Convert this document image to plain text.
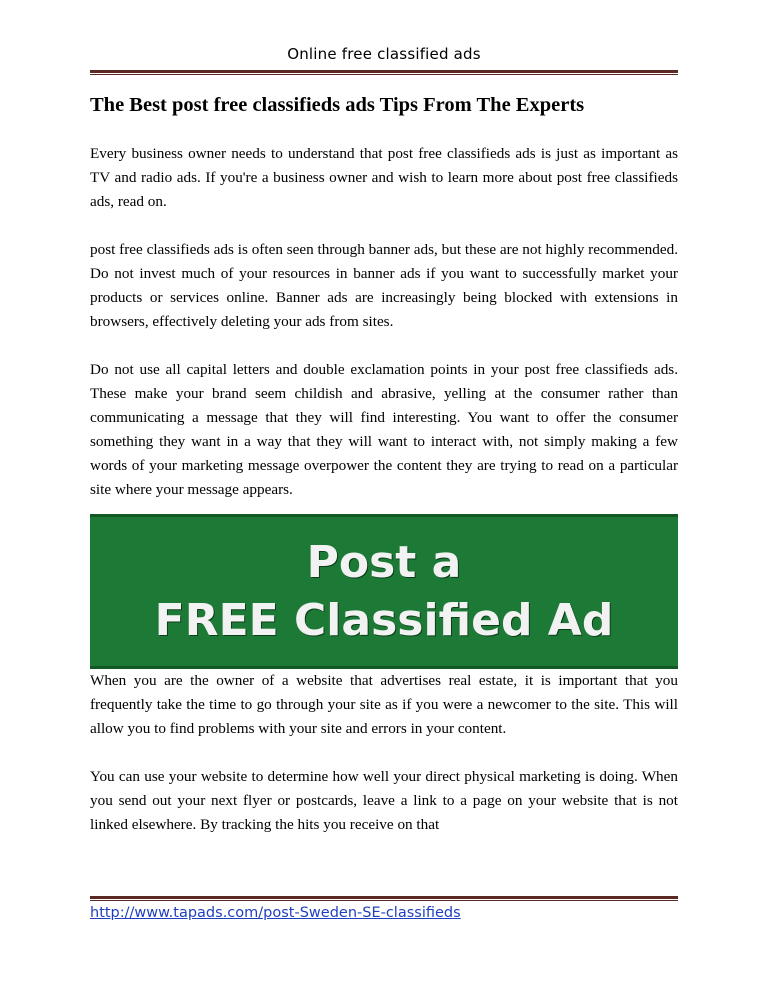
Online free classified ads
The Best post free classifieds ads Tips From The Experts

Every business owner needs to understand that post free classifieds ads is just as important as TV and radio ads. If you're a business owner and wish to learn more about post free classifieds ads, read on.

post free classifieds ads is often seen through banner ads, but these are not highly recommended. Do not invest much of your resources in banner ads if you want to successfully market your products or services online. Banner ads are increasingly being blocked with extensions in browsers, effectively deleting your ads from sites.

Do not use all capital letters and double exclamation points in your post free classifieds ads. These make your brand seem childish and abrasive, yelling at the consumer rather than communicating a message that they will find interesting. You want to offer the consumer something they want in a way that they will want to interact with, not simply making a few words of your marketing message overpower the content they are trying to read on a particular site where your message appears.

Post a
FREE Classified Ad

When you are the owner of a website that advertises real estate, it is important that you frequently take the time to go through your site as if you were a newcomer to the site. This will allow you to find problems with your site and errors in your content.

You can use your website to determine how well your direct physical marketing is doing. When you send out your next flyer or postcards, leave a link to a page on your website that is not linked elsewhere. By tracking the hits you receive on that

http://www.tapads.com/post-Sweden-SE-classifieds
